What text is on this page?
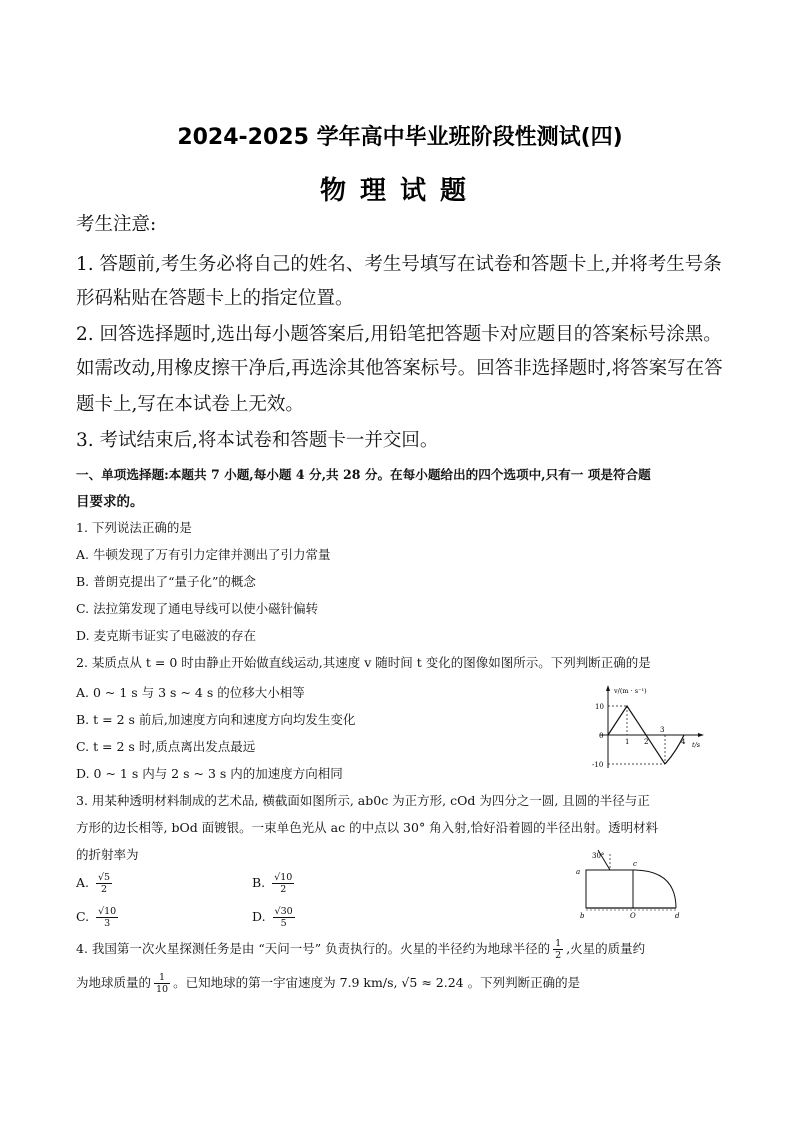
2024-2025 学年高中毕业班阶段性测试(四)
物理试题
考生注意:
1. 答题前,考生务必将自己的姓名、考生号填写在试卷和答题卡上,并将考生号条
形码粘贴在答题卡上的指定位置。
2. 回答选择题时,选出每小题答案后,用铅笔把答题卡对应题目的答案标号涂黑。
如需改动,用橡皮擦干净后,再选涂其他答案标号。回答非选择题时,将答案写在答
题卡上,写在本试卷上无效。
3. 考试结束后,将本试卷和答题卡一并交回。
一、单项选择题:本题共 7 小题,每小题 4 分,共 28 分。在每小题给出的四个选项中,只有一 项是符合题
目要求的。
1. 下列说法正确的是
A. 牛顿发现了万有引力定律并测出了引力常量
B. 普朗克提出了“量子化”的概念
C. 法拉第发现了通电导线可以使小磁针偏转
D. 麦克斯韦证实了电磁波的存在
2. 某质点从 t = 0 时由静止开始做直线运动,其速度 v 随时间 t 变化的图像如图所示。下列判断正确的是
A. 0 ~ 1 s 与 3 s ~ 4 s 的位移大小相等
B. t = 2 s 前后,加速度方向和速度方向均发生变化
C. t = 2 s 时,质点离出发点最远
D. 0 ~ 1 s 内与 2 s ~ 3 s 内的加速度方向相同
v/(m · s⁻¹)
t/s
10
0
-10
1 2
3
4
3. 用某种透明材料制成的艺术品, 横截面如图所示, ab0c 为正方形, cOd 为四分之一圆, 且圆的半径与正
方形的边长相等, bOd 面镀银。一束单色光从 ac 的中点以 30° 角入射,恰好沿着圆的半径出射。透明材料
的折射率为
A. $\frac{√5}{2}$	B. $\frac{√10}{2}$
C. $\frac{√10}{3}$	D. $\frac{√30}{5}$
30°
a
b
c
d
O
4. 我国第一次火星探测任务是由 “天问一号” 负责执行的。火星的半径约为地球半径的 $\frac{1}{2}$ ,火星的质量约
为地球质量的 $\frac{1}{10}$ 。已知地球的第一宇宙速度为 7.9 km/s, √5 ≈ 2.24 。下列判断正确的是
